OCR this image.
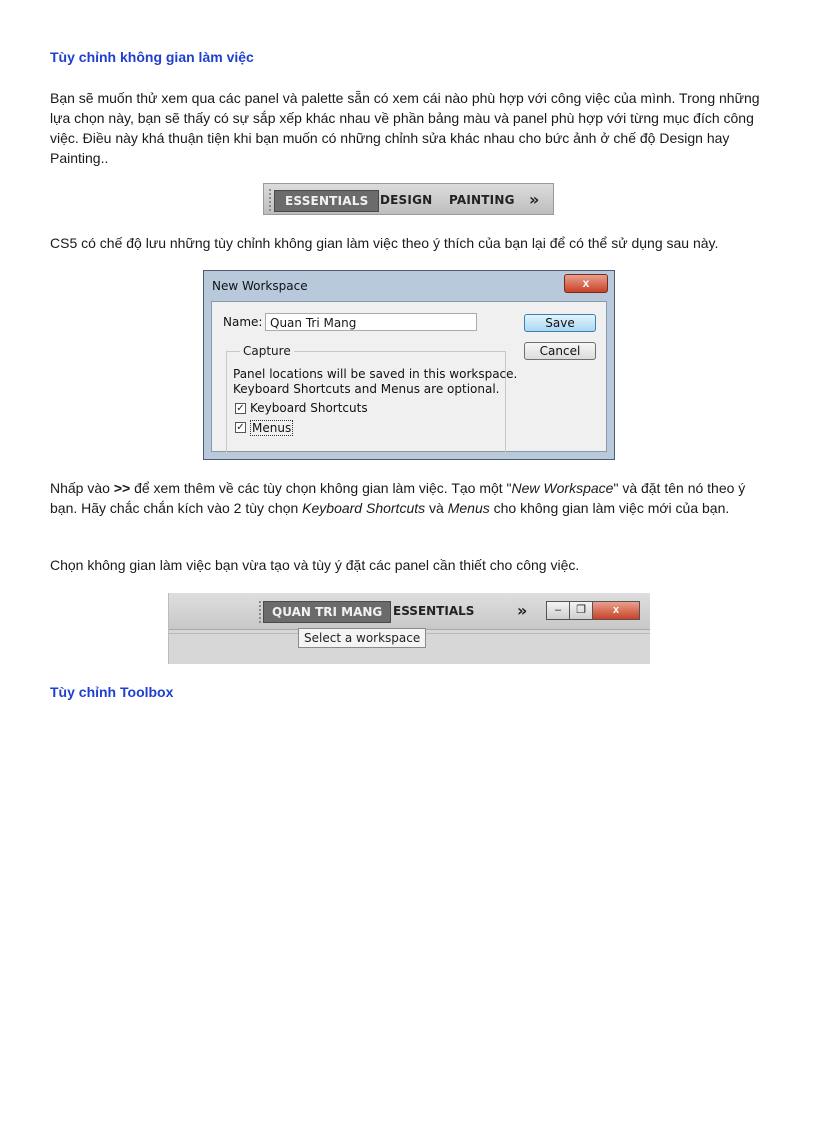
Tùy chỉnh không gian làm việc
Bạn sẽ muốn thử xem qua các panel và palette sẵn có xem cái nào phù hợp với công việc của mình. Trong những lựa chọn này, bạn sẽ thấy có sự sắp xếp khác nhau về phần bảng màu và panel phù hợp với từng mục đích công việc. Điều này khá thuận tiện khi bạn muốn có những chỉnh sửa khác nhau cho bức ảnh ở chế độ Design hay Painting..
ESSENTIALS DESIGN PAINTING »
CS5 có chế độ lưu những tùy chỉnh không gian làm việc theo ý thích của bạn lại để có thể sử dụng sau này.
New Workspace	x
Name: Quan Tri Mang	Save
Cancel
Capture
Panel locations will be saved in this workspace.
Keyboard Shortcuts and Menus are optional.
✓ Keyboard Shortcuts
✓ Menus
Nhấp vào >> để xem thêm về các tùy chọn không gian làm việc. Tạo một "New Workspace" và đặt tên nó theo ý bạn. Hãy chắc chắn kích vào 2 tùy chọn Keyboard Shortcuts và Menus cho không gian làm việc mới của bạn.
Chọn không gian làm việc bạn vừa tạo và tùy ý đặt các panel cần thiết cho công việc.
QUAN TRI MANG ESSENTIALS	»	–	❐	x
Select a workspace
Tùy chỉnh Toolbox
